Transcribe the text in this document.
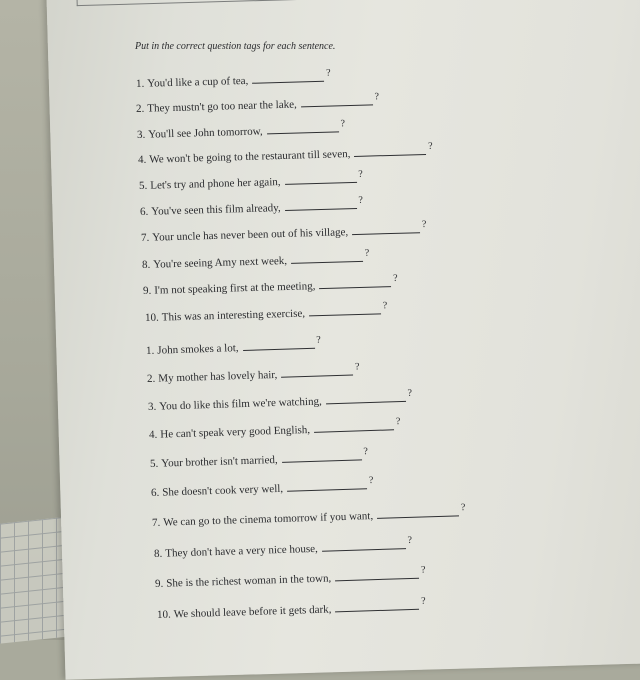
Put in the correct question tags for each sentence.
1. You'd like a cup of tea,?
2. They mustn't go too near the lake,?
3. You'll see John tomorrow,?
4. We won't be going to the restaurant till seven,?
5. Let's try and phone her again,?
6. You've seen this film already,?
7. Your uncle has never been out of his village,?
8. You're seeing Amy next week,?
9. I'm not speaking first at the meeting,?
10. This was an interesting exercise,?
1. John smokes a lot,?
2. My mother has lovely hair,?
3. You do like this film we're watching,?
4. He can't speak very good English,?
5. Your brother isn't married,?
6. She doesn't cook very well,?
7. We can go to the cinema tomorrow if you want,?
8. They don't have a very nice house,?
9. She is the richest woman in the town,?
10. We should leave before it gets dark,?
